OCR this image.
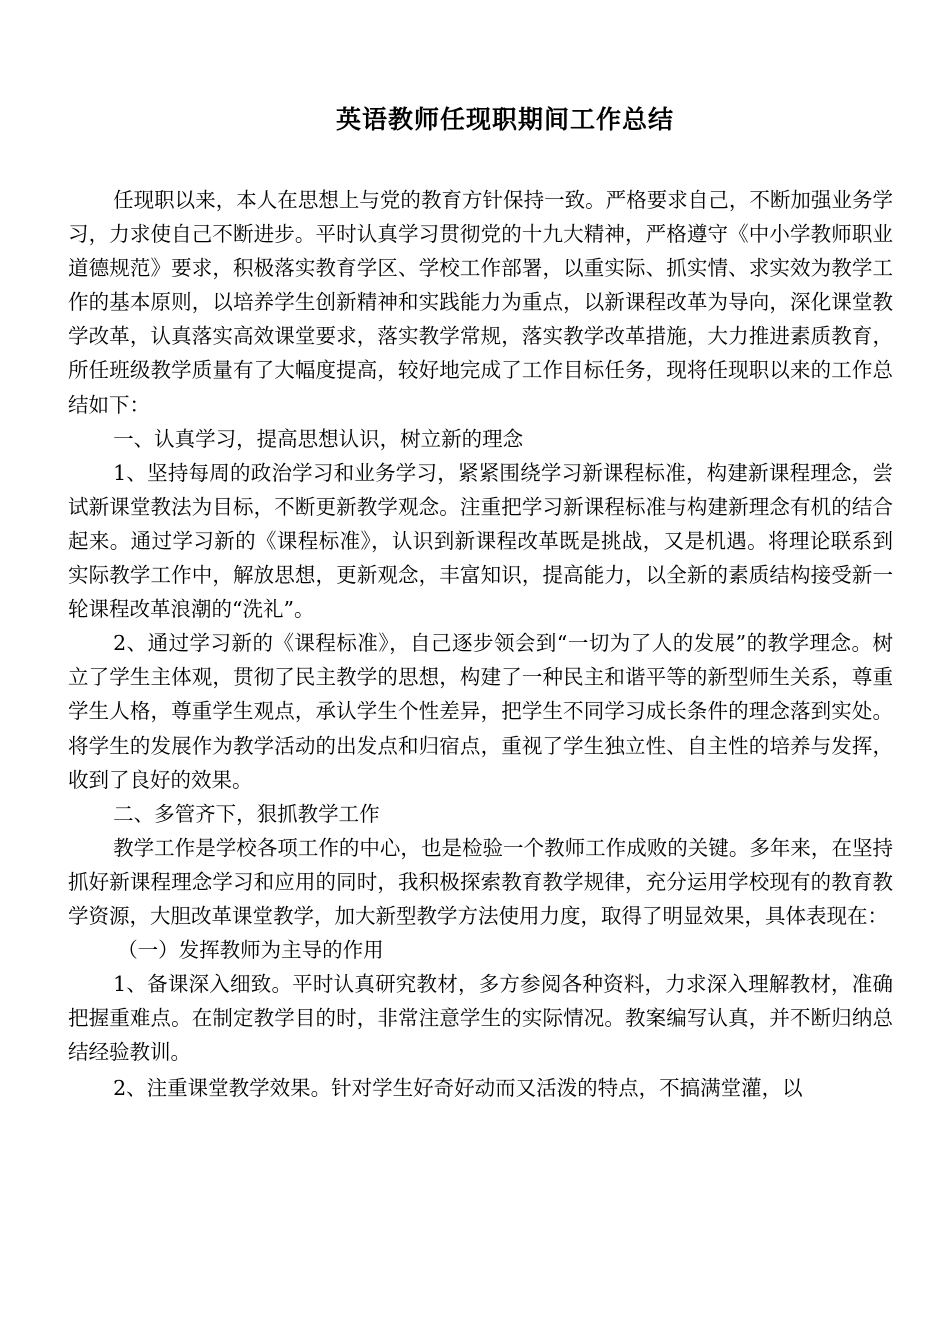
英语教师任现职期间工作总结

任现职以来，本人在思想上与党的教育方针保持一致。严格要求自己，不断加强业务学习，力求使自己不断进步。平时认真学习贯彻党的十九大精神，严格遵守《中小学教师职业道德规范》要求，积极落实教育学区、学校工作部署，以重实际、抓实情、求实效为教学工作的基本原则，以培养学生创新精神和实践能力为重点，以新课程改革为导向，深化课堂教学改革，认真落实高效课堂要求，落实教学常规，落实教学改革措施，大力推进素质教育，所任班级教学质量有了大幅度提高，较好地完成了工作目标任务，现将任现职以来的工作总结如下：

一、认真学习，提高思想认识，树立新的理念

1、坚持每周的政治学习和业务学习，紧紧围绕学习新课程标准，构建新课程理念，尝试新课堂教法为目标，不断更新教学观念。注重把学习新课程标准与构建新理念有机的结合起来。通过学习新的《课程标准》，认识到新课程改革既是挑战，又是机遇。将理论联系到实际教学工作中，解放思想，更新观念，丰富知识，提高能力，以全新的素质结构接受新一轮课程改革浪潮的“洗礼”。

2、通过学习新的《课程标准》，自己逐步领会到“一切为了人的发展”的教学理念。树立了学生主体观，贯彻了民主教学的思想，构建了一种民主和谐平等的新型师生关系，尊重学生人格，尊重学生观点，承认学生个性差异，把学生不同学习成长条件的理念落到实处。将学生的发展作为教学活动的出发点和归宿点，重视了学生独立性、自主性的培养与发挥，收到了良好的效果。

二、多管齐下，狠抓教学工作

教学工作是学校各项工作的中心，也是检验一个教师工作成败的关键。多年来，在坚持抓好新课程理念学习和应用的同时，我积极探索教育教学规律，充分运用学校现有的教育教学资源，大胆改革课堂教学，加大新型教学方法使用力度，取得了明显效果，具体表现在：

（一）发挥教师为主导的作用

1、备课深入细致。平时认真研究教材，多方参阅各种资料，力求深入理解教材，准确把握重难点。在制定教学目的时，非常注意学生的实际情况。教案编写认真，并不断归纳总结经验教训。

2、注重课堂教学效果。针对学生好奇好动而又活泼的特点，不搞满堂灌，以
